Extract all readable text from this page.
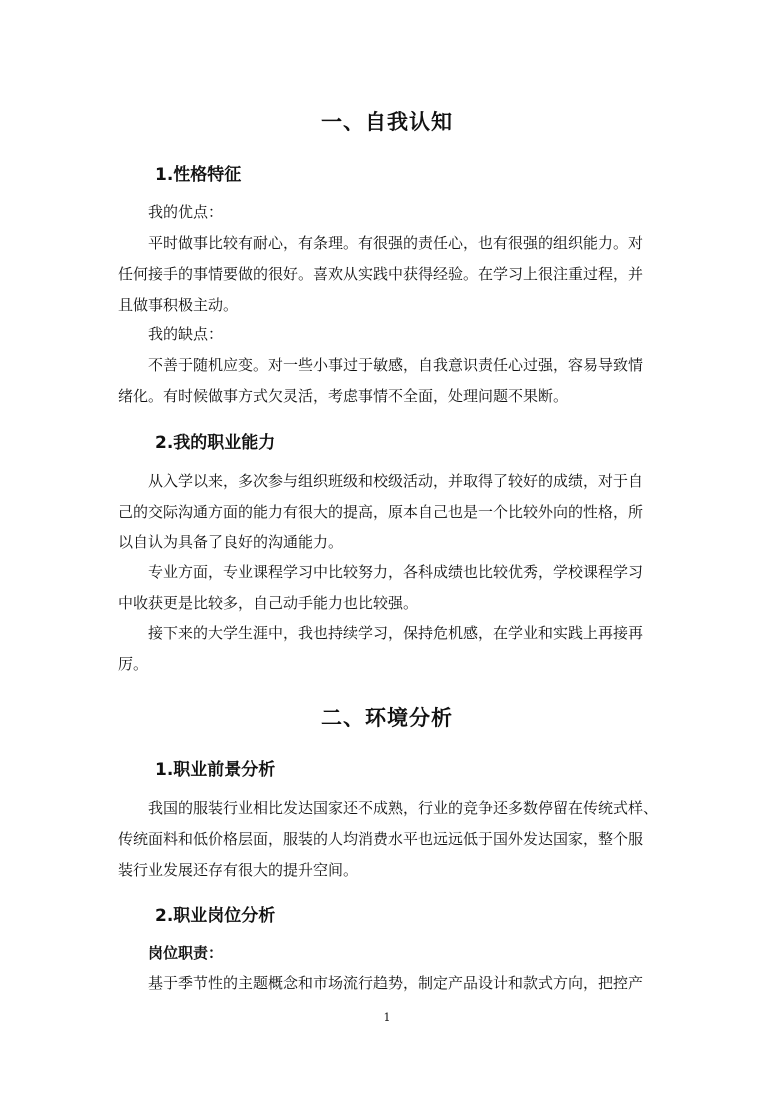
一、自我认知
1.性格特征

我的优点：

平时做事比较有耐心，有条理。有很强的责任心，也有很强的组织能力。对

任何接手的事情要做的很好。喜欢从实践中获得经验。在学习上很注重过程，并

且做事积极主动。

我的缺点：

不善于随机应变。对一些小事过于敏感，自我意识责任心过强，容易导致情

绪化。有时候做事方式欠灵活，考虑事情不全面，处理问题不果断。

2.我的职业能力

从入学以来，多次参与组织班级和校级活动，并取得了较好的成绩，对于自

己的交际沟通方面的能力有很大的提高，原本自己也是一个比较外向的性格，所

以自认为具备了良好的沟通能力。

专业方面，专业课程学习中比较努力，各科成绩也比较优秀，学校课程学习

中收获更是比较多，自己动手能力也比较强。

接下来的大学生涯中，我也持续学习，保持危机感，在学业和实践上再接再

厉。

二、环境分析
1.职业前景分析

我国的服装行业相比发达国家还不成熟，行业的竞争还多数停留在传统式样、

传统面料和低价格层面，服装的人均消费水平也远远低于国外发达国家，整个服

装行业发展还存有很大的提升空间。

2.职业岗位分析

岗位职责：

基于季节性的主题概念和市场流行趋势，制定产品设计和款式方向，把控产

1
